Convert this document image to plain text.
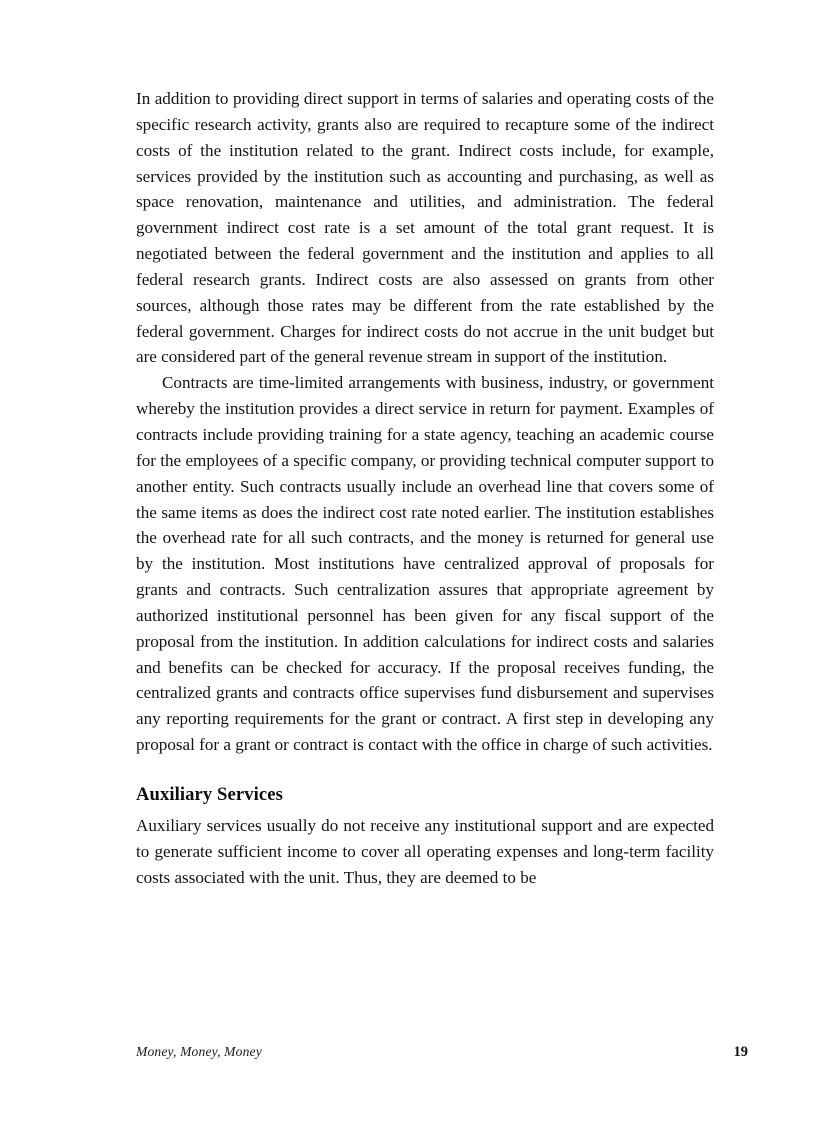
In addition to providing direct support in terms of salaries and operating costs of the specific research activity, grants also are required to recapture some of the indirect costs of the institution related to the grant. Indirect costs include, for example, services provided by the institution such as accounting and purchasing, as well as space renovation, maintenance and utilities, and administration. The federal government indirect cost rate is a set amount of the total grant request. It is negotiated between the federal government and the institution and applies to all federal research grants. Indirect costs are also assessed on grants from other sources, although those rates may be different from the rate established by the federal government. Charges for indirect costs do not accrue in the unit budget but are considered part of the general revenue stream in support of the institution.

Contracts are time-limited arrangements with business, industry, or government whereby the institution provides a direct service in return for payment. Examples of contracts include providing training for a state agency, teaching an academic course for the employees of a specific company, or providing technical computer support to another entity. Such contracts usually include an overhead line that covers some of the same items as does the indirect cost rate noted earlier. The institution establishes the overhead rate for all such contracts, and the money is returned for general use by the institution. Most institutions have centralized approval of proposals for grants and contracts. Such centralization assures that appropriate agreement by authorized institutional personnel has been given for any fiscal support of the proposal from the institution. In addition calculations for indirect costs and salaries and benefits can be checked for accuracy. If the proposal receives funding, the centralized grants and contracts office supervises fund disbursement and supervises any reporting requirements for the grant or contract. A first step in developing any proposal for a grant or contract is contact with the office in charge of such activities.

Auxiliary Services

Auxiliary services usually do not receive any institutional support and are expected to generate sufficient income to cover all operating expenses and long-term facility costs associated with the unit. Thus, they are deemed to be

Money, Money, Money	19
